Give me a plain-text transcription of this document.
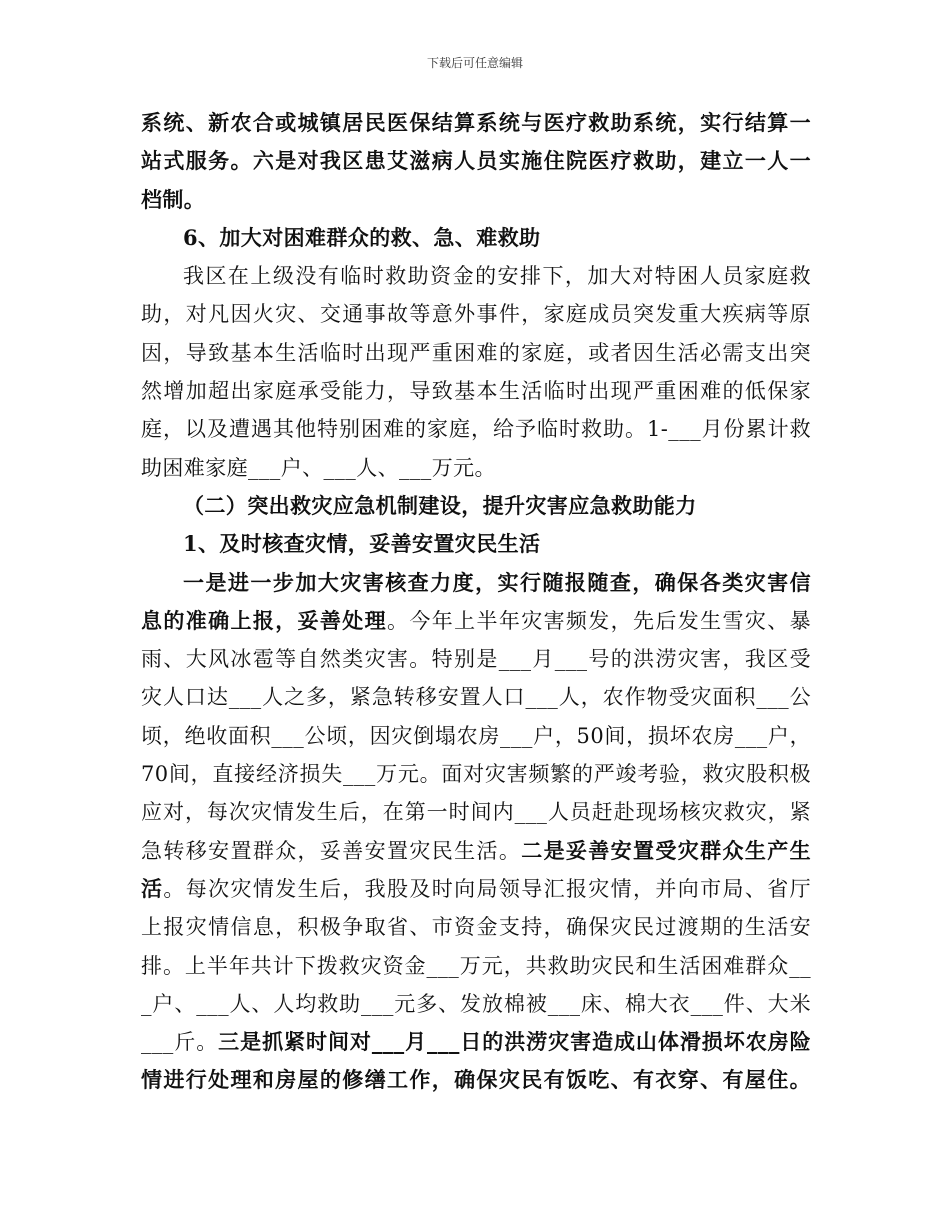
下载后可任意编辑
系统、新农合或城镇居民医保结算系统与医疗救助系统，实行结算一
站式服务。六是对我区患艾滋病人员实施住院医疗救助，建立一人一
档制。
6、加大对困难群众的救、急、难救助
我区在上级没有临时救助资金的安排下，加大对特困人员家庭救
助，对凡因火灾、交通事故等意外事件，家庭成员突发重大疾病等原
因，导致基本生活临时出现严重困难的家庭，或者因生活必需支出突
然增加超出家庭承受能力，导致基本生活临时出现严重困难的低保家
庭，以及遭遇其他特别困难的家庭，给予临时救助。1-___月份累计救
助困难家庭___户、___人、___万元。
（二）突出救灾应急机制建设，提升灾害应急救助能力
1、及时核查灾情，妥善安置灾民生活
一是进一步加大灾害核查力度，实行随报随查，确保各类灾害信
息的准确上报，妥善处理。今年上半年灾害频发，先后发生雪灾、暴
雨、大风冰雹等自然类灾害。特别是___月___号的洪涝灾害，我区受
灾人口达___人之多，紧急转移安置人口___人，农作物受灾面积___公
顷，绝收面积___公顷，因灾倒塌农房___户，50间，损坏农房___户，
70间，直接经济损失___万元。面对灾害频繁的严竣考验，救灾股积极
应对，每次灾情发生后，在第一时间内___人员赶赴现场核灾救灾，紧
急转移安置群众，妥善安置灾民生活。二是妥善安置受灾群众生产生
活。每次灾情发生后，我股及时向局领导汇报灾情，并向市局、省厅
上报灾情信息，积极争取省、市资金支持，确保灾民过渡期的生活安
排。上半年共计下拨救灾资金___万元，共救助灾民和生活困难群众__
_户、___人、人均救助___元多、发放棉被___床、棉大衣___件、大米
___斤。三是抓紧时间对___月___日的洪涝灾害造成山体滑损坏农房险
情进行处理和房屋的修缮工作，确保灾民有饭吃、有衣穿、有屋住。
